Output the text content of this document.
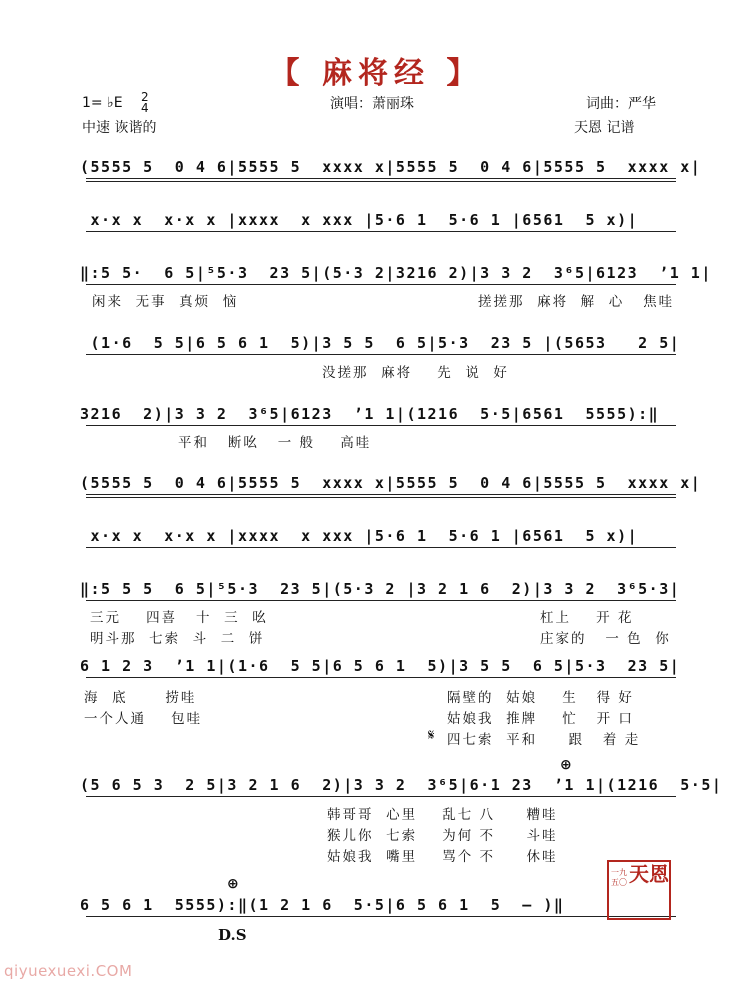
【 麻将经 】
1= ♭E 2
4	演唱：萧丽珠	词曲：严华
中速 诙谐的	天恩 记谱

(5555 5  0 4 6|5555 5  xxxx x|5555 5  0 4 6|5555 5  xxxx x|

x·x x  x·x x |xxxx  x xxx |5·6 1  5·6 1 |6561  5 x)|

‖:5 5·  6 5|⁵5·3  23 5|(5·3 2|3216 2)|3 3 2  3⁶5|6123  ʼ1 1|

(1·6  5 5|6 5 6 1  5)|3 5 5  6 5|5·3  23 5 |(5653   2 5|

3216  2)|3 3 2  3⁶5|6123  ʼ1 1|(1216  5·5|6561  5555):‖

(5555 5  0 4 6|5555 5  xxxx x|5555 5  0 4 6|5555 5  xxxx x|

x·x x  x·x x |xxxx  x xxx |5·6 1  5·6 1 |6561  5 x)|

‖:5 5 5  6 5|⁵5·3  23 5|(5·3 2 |3 2 1 6  2)|3 3 2  3⁶5·3|

6 1 2 3  ʼ1 1|(1·6  5 5|6 5 6 1  5)|3 5 5  6 5|5·3  23 5|

(5 6 5 3  2 5|3 2 1 6  2)|3 3 2  3⁶5|6·1 23  ʼ1 1|(1216  5·5|

6 5 6 1  5555):‖(1 2 1 6  5·5|6 5 6 1  5  – )‖

闲来  无事  真烦  恼	搓搓那  麻将  解  心   焦哇
没搓那  麻将    先  说  好
平和   断吆   一 般    高哇
三元    四喜   十  三  吆	杠上    开 花
明斗那  七索  斗  二  饼	庄家的   一 色  你
海  底      捞哇	隔壁的  姑娘    生   得 好
一个人通    包哇	姑娘我  推牌    忙   开 口
𝄋 四七索  平和     跟   着 走
韩哥哥  心里    乱七 八     糟哇
猴儿你  七索    为何 不     斗哇
姑娘我  嘴里    骂个 不     休哇
⊕
⊕
D.S
一九五〇 天恩
qiyuexuexi.COM
